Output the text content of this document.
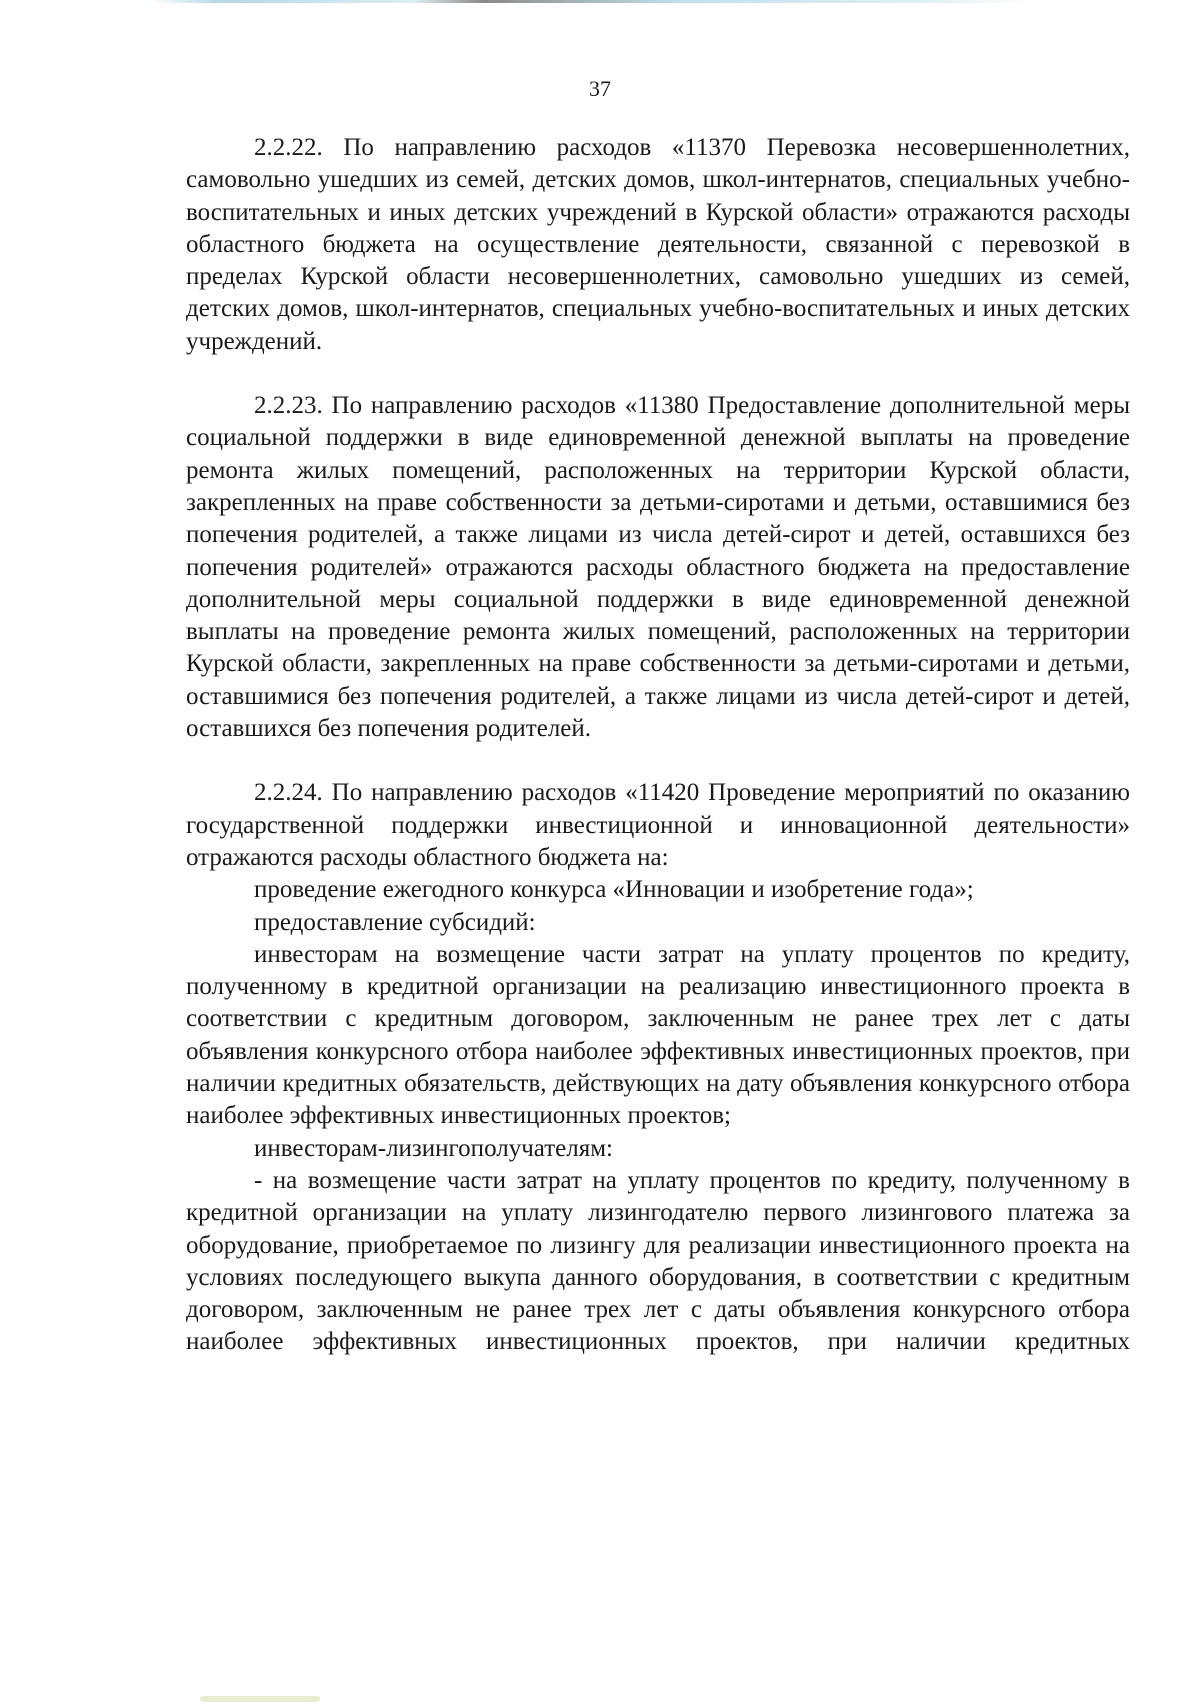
37

2.2.22. По направлению расходов «11370 Перевозка несовершеннолетних, самовольно ушедших из семей, детских домов, школ-интернатов, специальных учебно-воспитательных и иных детских учреждений в Курской области» отражаются расходы областного бюджета на осуществление деятельности, связанной с перевозкой в пределах Курской области несовершеннолетних, самовольно ушедших из семей, детских домов, школ-интернатов, специальных учебно-воспитательных и иных детских учреждений.

2.2.23. По направлению расходов «11380 Предоставление дополнительной меры социальной поддержки в виде единовременной денежной выплаты на проведение ремонта жилых помещений, расположенных на территории Курской области, закрепленных на праве собственности за детьми-сиротами и детьми, оставшимися без попечения родителей, а также лицами из числа детей-сирот и детей, оставшихся без попечения родителей» отражаются расходы областного бюджета на предоставление дополнительной меры социальной поддержки в виде единовременной денежной выплаты на проведение ремонта жилых помещений, расположенных на территории Курской области, закрепленных на праве собственности за детьми-сиротами и детьми, оставшимися без попечения родителей, а также лицами из числа детей-сирот и детей, оставшихся без попечения родителей.

2.2.24. По направлению расходов «11420 Проведение мероприятий по оказанию государственной поддержки инвестиционной и инновационной деятельности» отражаются расходы областного бюджета на:

проведение ежегодного конкурса «Инновации и изобретение года»;

предоставление субсидий:

инвесторам на возмещение части затрат на уплату процентов по кредиту, полученному в кредитной организации на реализацию инвестиционного проекта в соответствии с кредитным договором, заключенным не ранее трех лет с даты объявления конкурсного отбора наиболее эффективных инвестиционных проектов, при наличии кредитных обязательств, действующих на дату объявления конкурсного отбора наиболее эффективных инвестиционных проектов;

инвесторам-лизингополучателям:

- на возмещение части затрат на уплату процентов по кредиту, полученному в кредитной организации на уплату лизингодателю первого лизингового платежа за оборудование, приобретаемое по лизингу для реализации инвестиционного проекта на условиях последующего выкупа данного оборудования, в соответствии с кредитным договором, заключенным не ранее трех лет с даты объявления конкурсного отбора наиболее эффективных инвестиционных проектов, при наличии кредитных
